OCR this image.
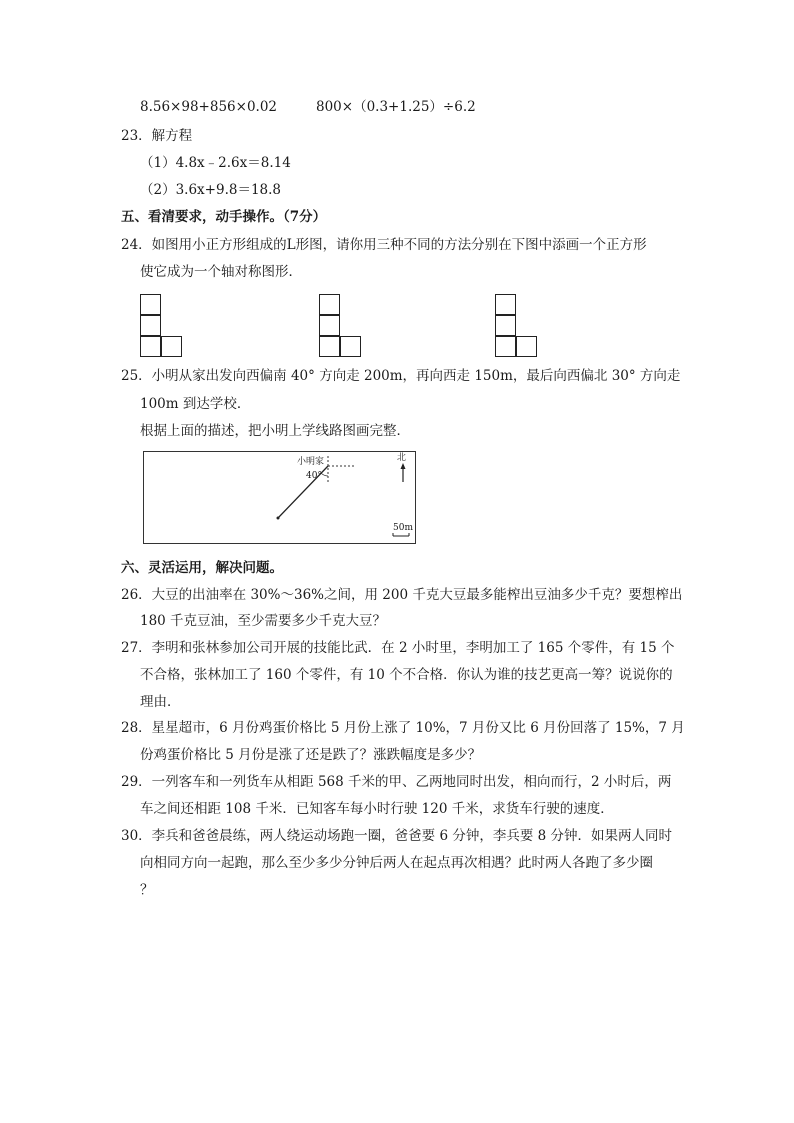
8.56×98+856×0.02	800×（0.3+1.25）÷6.2
23．解方程
（1）4.8x﹣2.6x＝8.14
（2）3.6x+9.8＝18.8
五、看清要求，动手操作。（7分）
24．如图用小正方形组成的L形图，请你用三种不同的方法分别在下图中添画一个正方形
使它成为一个轴对称图形．
25．小明从家出发向西偏南 40° 方向走 200m，再向西走 150m，最后向西偏北 30° 方向走
100m 到达学校．
根据上面的描述，把小明上学线路图画完整．
小明家
40°
北
50m
六、灵活运用，解决问题。
26．大豆的出油率在 30%～36%之间，用 200 千克大豆最多能榨出豆油多少千克？要想榨出
180 千克豆油，至少需要多少千克大豆？
27．李明和张林参加公司开展的技能比武．在 2 小时里，李明加工了 165 个零件，有 15 个
不合格，张林加工了 160 个零件，有 10 个不合格．你认为谁的技艺更高一筹？说说你的
理由．
28．星星超市，6 月份鸡蛋价格比 5 月份上涨了 10%，7 月份又比 6 月份回落了 15%，7 月
份鸡蛋价格比 5 月份是涨了还是跌了？涨跌幅度是多少？
29．一列客车和一列货车从相距 568 千米的甲、乙两地同时出发，相向而行，2 小时后，两
车之间还相距 108 千米．已知客车每小时行驶 120 千米，求货车行驶的速度．
30．李兵和爸爸晨练，两人绕运动场跑一圈，爸爸要 6 分钟，李兵要 8 分钟．如果两人同时
向相同方向一起跑，那么至少多少分钟后两人在起点再次相遇？此时两人各跑了多少圈
？
